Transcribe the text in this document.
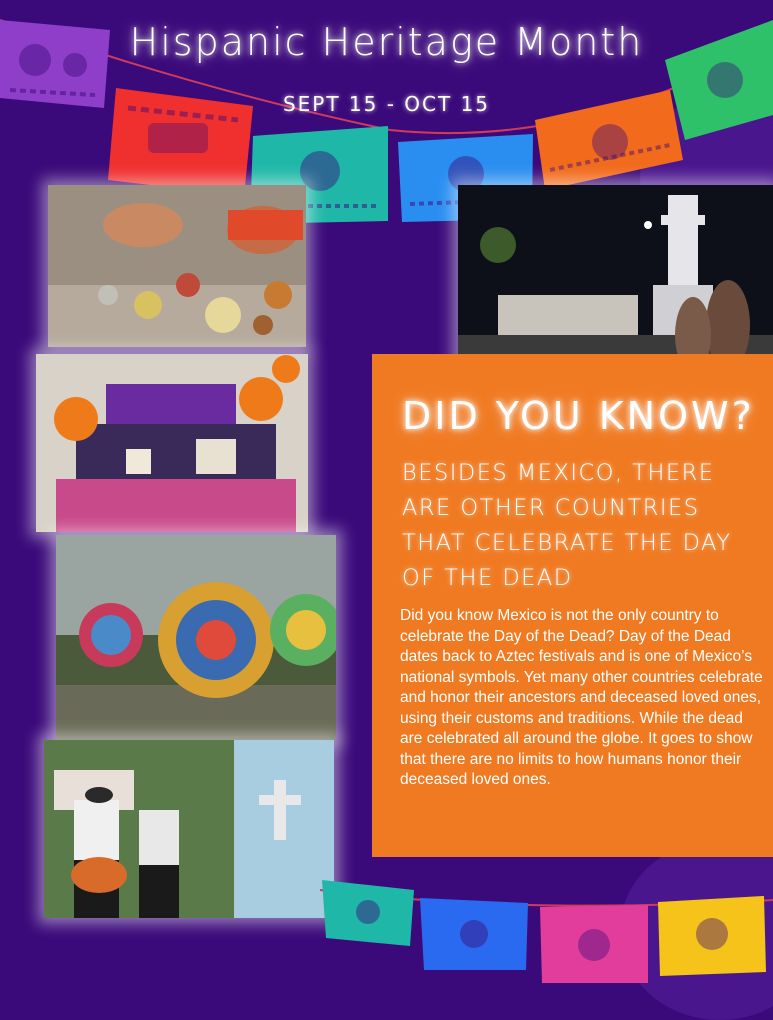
Hispanic Heritage Month
SEPT 15 - OCT 15
DID YOU KNOW?
BESIDES MEXICO, THERE ARE OTHER COUNTRIES THAT CELEBRATE THE DAY OF THE DEAD
Did you know Mexico is not the only country to celebrate the Day of the Dead? Day of the Dead dates back to Aztec festivals and is one of Mexico’s national symbols. Yet many other countries celebrate and honor their ancestors and deceased loved ones, using their customs and traditions. While the dead are celebrated all around the globe. It goes to show that there are no limits to how humans honor their deceased loved ones.
